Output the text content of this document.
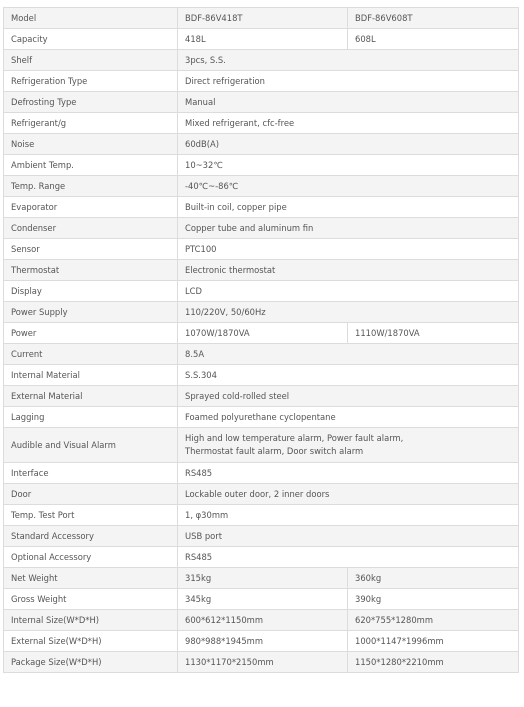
Model	BDF-86V418T	BDF-86V608T
Capacity	418L	608L
Shelf	3pcs, S.S.	
Refrigeration Type	Direct refrigeration	
Defrosting Type	Manual	
Refrigerant/g	Mixed refrigerant, cfc-free	
Noise	60dB(A)	
Ambient Temp.	10~32℃	
Temp. Range	-40℃~-86℃	
Evaporator	Built-in coil, copper pipe	
Condenser	Copper tube and aluminum fin	
Sensor	PTC100	
Thermostat	Electronic thermostat	
Display	LCD	
Power Supply	110/220V, 50/60Hz	
Power	1070W/1870VA	1110W/1870VA
Current	8.5A	
Internal Material	S.S.304	
External Material	Sprayed cold-rolled steel	
Lagging	Foamed polyurethane cyclopentane	
Audible and Visual Alarm	High and low temperature alarm, Power fault alarm,
Thermostat fault alarm, Door switch alarm	

Interface	RS485	
Door	Lockable outer door, 2 inner doors	
Temp. Test Port	1, φ30mm	
Standard Accessory	USB port	
Optional Accessory	RS485	
Net Weight	315kg	360kg
Gross Weight	345kg	390kg
Internal Size(W*D*H)	600*612*1150mm	620*755*1280mm
External Size(W*D*H)	980*988*1945mm	1000*1147*1996mm
Package Size(W*D*H)	1130*1170*2150mm	1150*1280*2210mm
